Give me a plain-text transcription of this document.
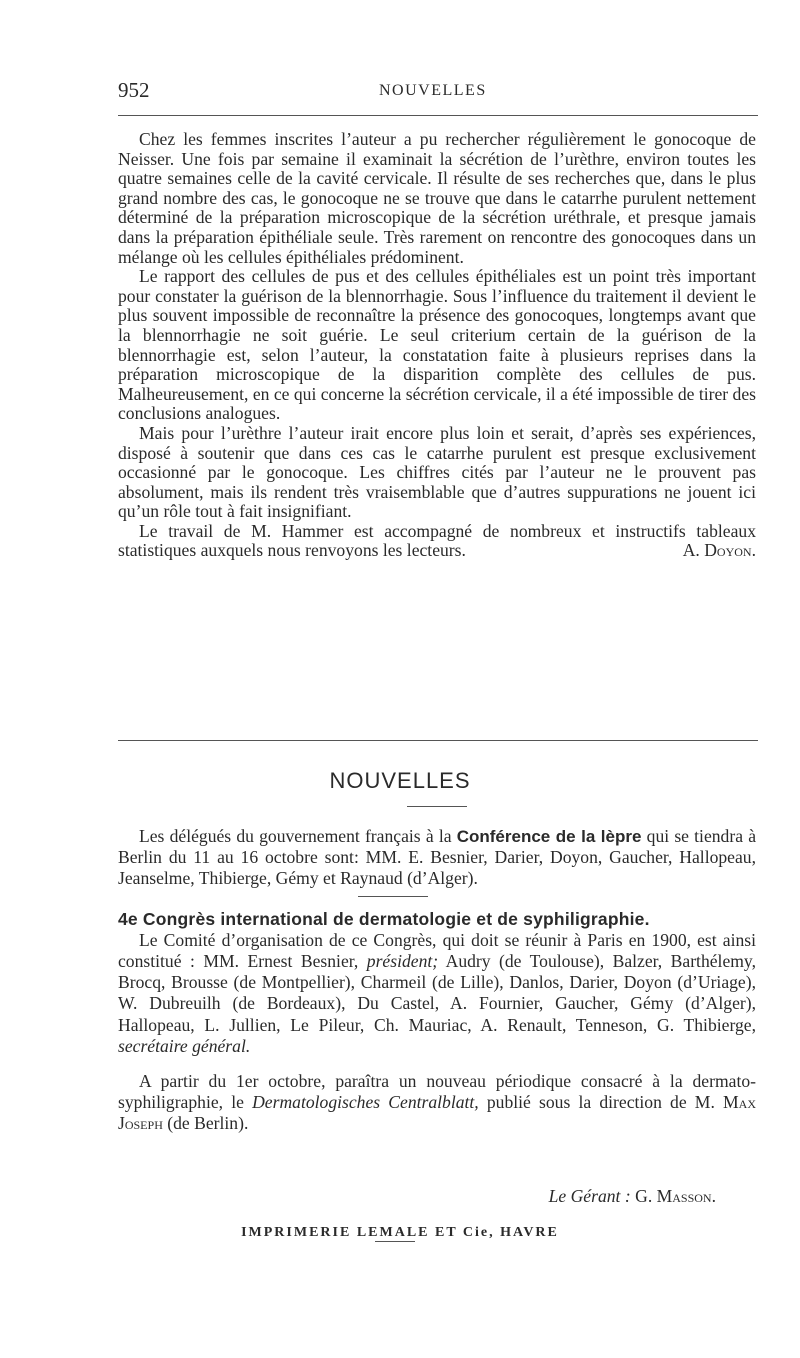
952	NOUVELLES

Chez les femmes inscrites l’auteur a pu rechercher régulièrement le gonocoque de Neisser. Une fois par semaine il examinait la sécrétion de l’urèthre, environ toutes les quatre semaines celle de la cavité cervicale. Il résulte de ses recherches que, dans le plus grand nombre des cas, le gonocoque ne se trouve que dans le catarrhe purulent nettement déterminé de la préparation microscopique de la sécrétion uréthrale, et presque jamais dans la préparation épithéliale seule. Très rarement on rencontre des gonocoques dans un mélange où les cellules épithéliales prédominent.

Le rapport des cellules de pus et des cellules épithéliales est un point très important pour constater la guérison de la blennorrhagie. Sous l’influence du traitement il devient le plus souvent impossible de reconnaître la présence des gonocoques, longtemps avant que la blennorrhagie ne soit guérie. Le seul criterium certain de la guérison de la blennorrhagie est, selon l’auteur, la constatation faite à plusieurs reprises dans la préparation microscopique de la disparition complète des cellules de pus. Malheureusement, en ce qui concerne la sécrétion cervicale, il a été impossible de tirer des conclusions analogues.

Mais pour l’urèthre l’auteur irait encore plus loin et serait, d’après ses expériences, disposé à soutenir que dans ces cas le catarrhe purulent est presque exclusivement occasionné par le gonocoque. Les chiffres cités par l’auteur ne le prouvent pas absolument, mais ils rendent très vraisemblable que d’autres suppurations ne jouent ici qu’un rôle tout à fait insignifiant.

Le travail de M. Hammer est accompagné de nombreux et instructifs tableaux statistiques auxquels nous renvoyons les lecteurs.	A. Doyon.

NOUVELLES

Les délégués du gouvernement français à la Conférence de la lèpre qui se tiendra à Berlin du 11 au 16 octobre sont: MM. E. Besnier, Darier, Doyon, Gaucher, Hallopeau, Jeanselme, Thibierge, Gémy et Raynaud (d’Alger).

4e Congrès international de dermatologie et de syphiligraphie.

Le Comité d’organisation de ce Congrès, qui doit se réunir à Paris en 1900, est ainsi constitué : MM. Ernest Besnier, président; Audry (de Toulouse), Balzer, Barthélemy, Brocq, Brousse (de Montpellier), Charmeil (de Lille), Danlos, Darier, Doyon (d’Uriage), W. Dubreuilh (de Bordeaux), Du Castel, A. Fournier, Gaucher, Gémy (d’Alger), Hallopeau, L. Jullien, Le Pileur, Ch. Mauriac, A. Renault, Tenneson, G. Thibierge, secrétaire général.

A partir du 1er octobre, paraîtra un nouveau périodique consacré à la dermato-syphiligraphie, le Dermatologisches Centralblatt, publié sous la direction de M. Max Joseph (de Berlin).

Le Gérant : G. Masson.
IMPRIMERIE LEMALE ET Cie, HAVRE
